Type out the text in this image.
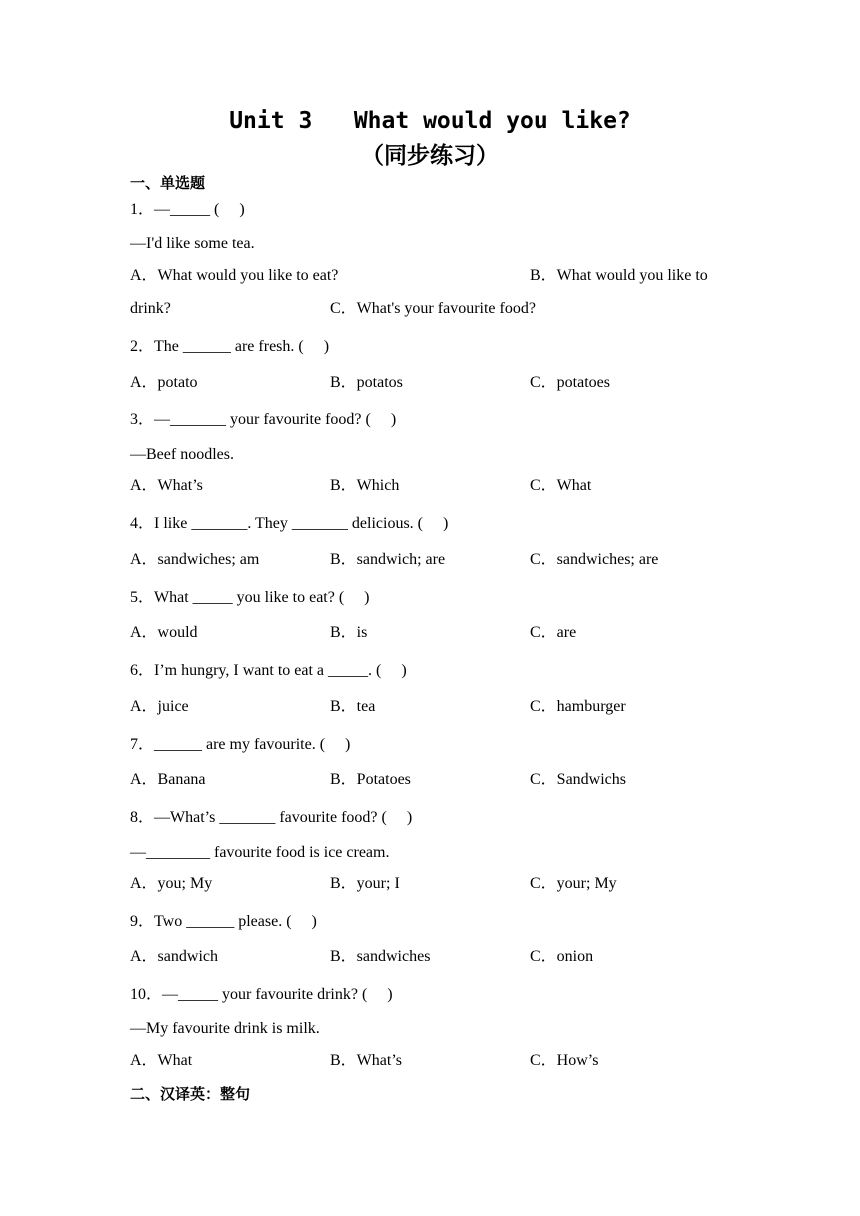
Unit 3   What would you like?
（同步练习）
一、单选题
1．—_____ (     )
—I'd like some tea.
A．What would you like to eat?	B．What would you like to
drink?	C．What's your favourite food?
2．The ______ are fresh. (     )
A．potato	B．potatos	C．potatoes
3．—_______ your favourite food? (     )
—Beef noodles.
A．What’s	B．Which	C．What
4．I like _______. They _______ delicious. (     )
A．sandwiches; am	B．sandwich; are	C．sandwiches; are
5．What _____ you like to eat? (     )
A．would	B．is	C．are
6．I’m hungry, I want to eat a _____. (     )
A．juice	B．tea	C．hamburger
7．______ are my favourite. (     )
A．Banana	B．Potatoes	C．Sandwichs
8．—What’s _______ favourite food? (     )
—________ favourite food is ice cream.
A．you; My	B．your; I	C．your; My
9．Two ______ please. (     )
A．sandwich	B．sandwiches	C．onion
10．—_____ your favourite drink? (     )
—My favourite drink is milk.
A．What	B．What’s	C．How’s
二、汉译英：整句
